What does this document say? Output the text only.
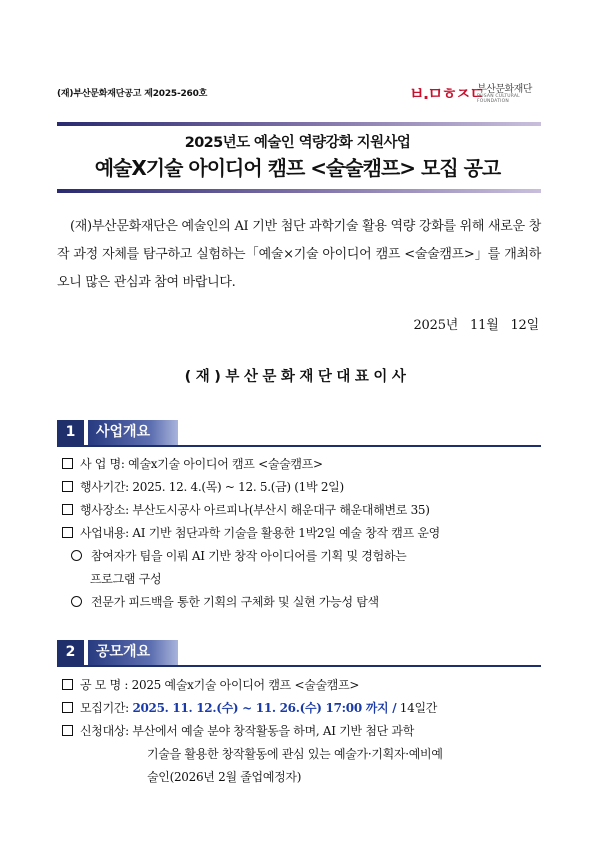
(재)부산문화재단공고 제2025-260호	ㅂ.ㅁㅎㅈㄷ
부산문화재단
BUSAN CULTURAL FOUNDATION
2025년도 예술인 역량강화 지원사업
예술X기술 아이디어 캠프 <술술캠프> 모집 공고
(재)부산문화재단은 예술인의 AI 기반 첨단 과학기술 활용 역량 강화를 위해 새로운 창작 과정 자체를 탐구하고 실험하는「예술×기술 아이디어 캠프 <술술캠프>」를 개최하오니 많은 관심과 참여 바랍니다.
2025년 11월 12일
(재)부산문화재단대표이사
1	사업개요
사 업 명: 예술x기술 아이디어 캠프 <술술캠프>
행사기간: 2025. 12. 4.(목) ~ 12. 5.(금) (1박 2일)
행사장소: 부산도시공사 아르피나(부산시 해운대구 해운대해변로 35)
사업내용: AI 기반 첨단과학 기술을 활용한 1박2일 예술 창작 캠프 운영
참여자가 팀을 이뤄 AI 기반 창작 아이디어를 기획 및 경험하는
프로그램 구성
전문가 피드백을 통한 기획의 구체화 및 실현 가능성 탐색
2	공모개요
공 모 명 : 2025 예술x기술 아이디어 캠프 <술술캠프>
모집기간: 2025. 11. 12.(수) ~ 11. 26.(수) 17:00 까지 / 14일간
신청대상: 부산에서 예술 분야 창작활동을 하며, AI 기반 첨단 과학
기술을 활용한 창작활동에 관심 있는 예술가·기획자·예비예
술인(2026년 2월 졸업예정자)
